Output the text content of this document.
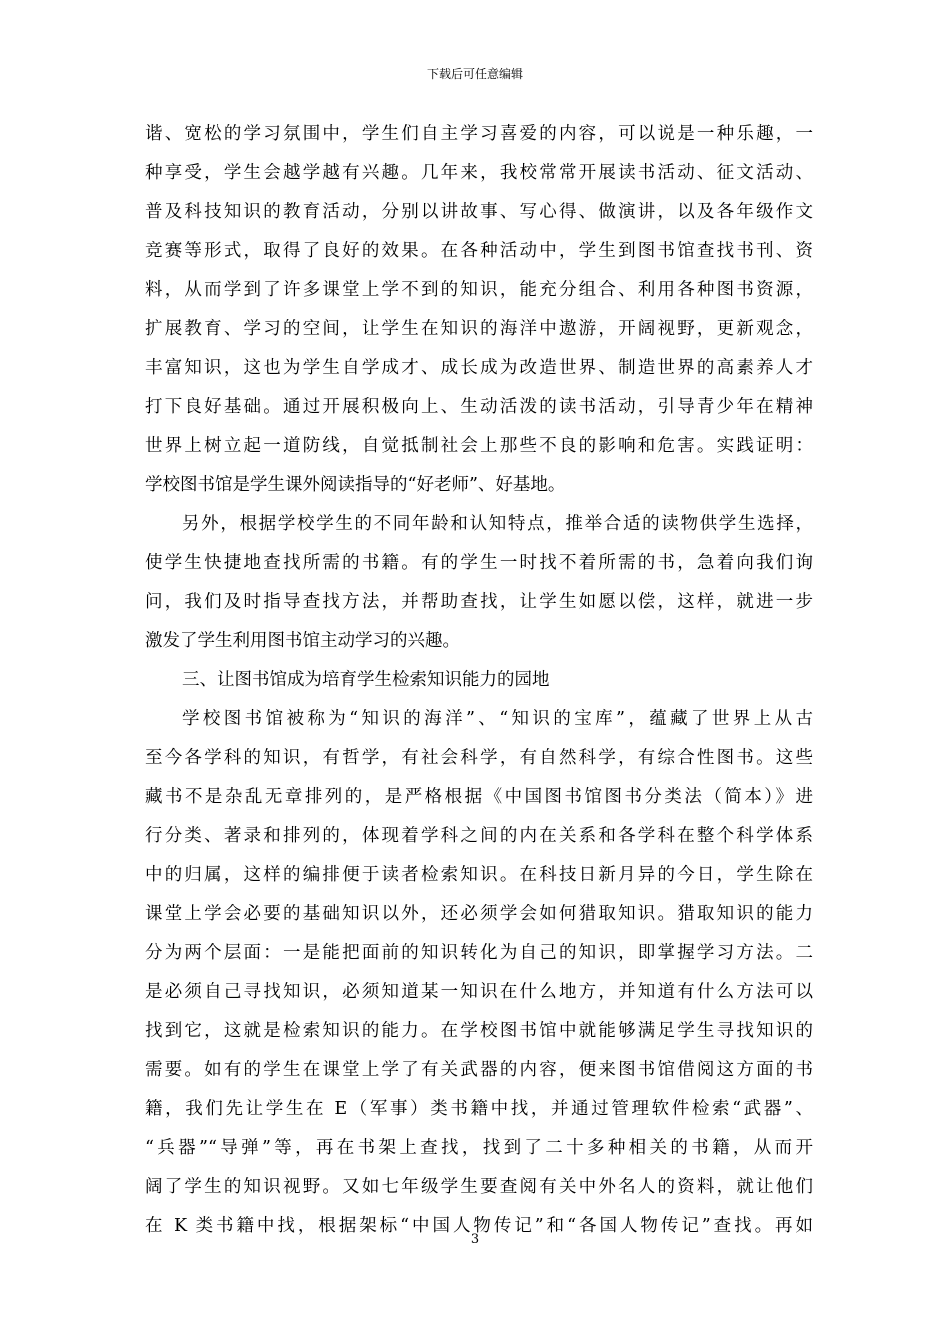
下载后可任意编辑
谐、宽松的学习氛围中，学生们自主学习喜爱的内容，可以说是一种乐趣，一
种享受，学生会越学越有兴趣。几年来，我校常常开展读书活动、征文活动、
普及科技知识的教育活动，分别以讲故事、写心得、做演讲，以及各年级作文
竞赛等形式，取得了良好的效果。在各种活动中，学生到图书馆查找书刊、资
料，从而学到了许多课堂上学不到的知识，能充分组合、利用各种图书资源，
扩展教育、学习的空间，让学生在知识的海洋中遨游，开阔视野，更新观念，
丰富知识，这也为学生自学成才、成长成为改造世界、制造世界的高素养人才
打下良好基础。通过开展积极向上、生动活泼的读书活动，引导青少年在精神
世界上树立起一道防线，自觉抵制社会上那些不良的影响和危害。实践证明：
学校图书馆是学生课外阅读指导的“好老师”、好基地。
另外，根据学校学生的不同年龄和认知特点，推举合适的读物供学生选择，
使学生快捷地查找所需的书籍。有的学生一时找不着所需的书，急着向我们询
问，我们及时指导查找方法，并帮助查找，让学生如愿以偿，这样，就进一步
激发了学生利用图书馆主动学习的兴趣。
三、让图书馆成为培育学生检索知识能力的园地
学校图书馆被称为“知识的海洋”、“知识的宝库”，蕴藏了世界上从古
至今各学科的知识，有哲学，有社会科学，有自然科学，有综合性图书。这些
藏书不是杂乱无章排列的，是严格根据《中国图书馆图书分类法（简本）》进
行分类、著录和排列的，体现着学科之间的内在关系和各学科在整个科学体系
中的归属，这样的编排便于读者检索知识。在科技日新月异的今日，学生除在
课堂上学会必要的基础知识以外，还必须学会如何猎取知识。猎取知识的能力
分为两个层面：一是能把面前的知识转化为自己的知识，即掌握学习方法。二
是必须自己寻找知识，必须知道某一知识在什么地方，并知道有什么方法可以
找到它，这就是检索知识的能力。在学校图书馆中就能够满足学生寻找知识的
需要。如有的学生在课堂上学了有关武器的内容，便来图书馆借阅这方面的书
籍，我们先让学生在 E（军事）类书籍中找，并通过管理软件检索“武器”、
“兵器”“导弹”等，再在书架上查找，找到了二十多种相关的书籍，从而开
阔了学生的知识视野。又如七年级学生要查阅有关中外名人的资料，就让他们
在 K 类书籍中找，根据架标“中国人物传记”和“各国人物传记”查找。再如
3
